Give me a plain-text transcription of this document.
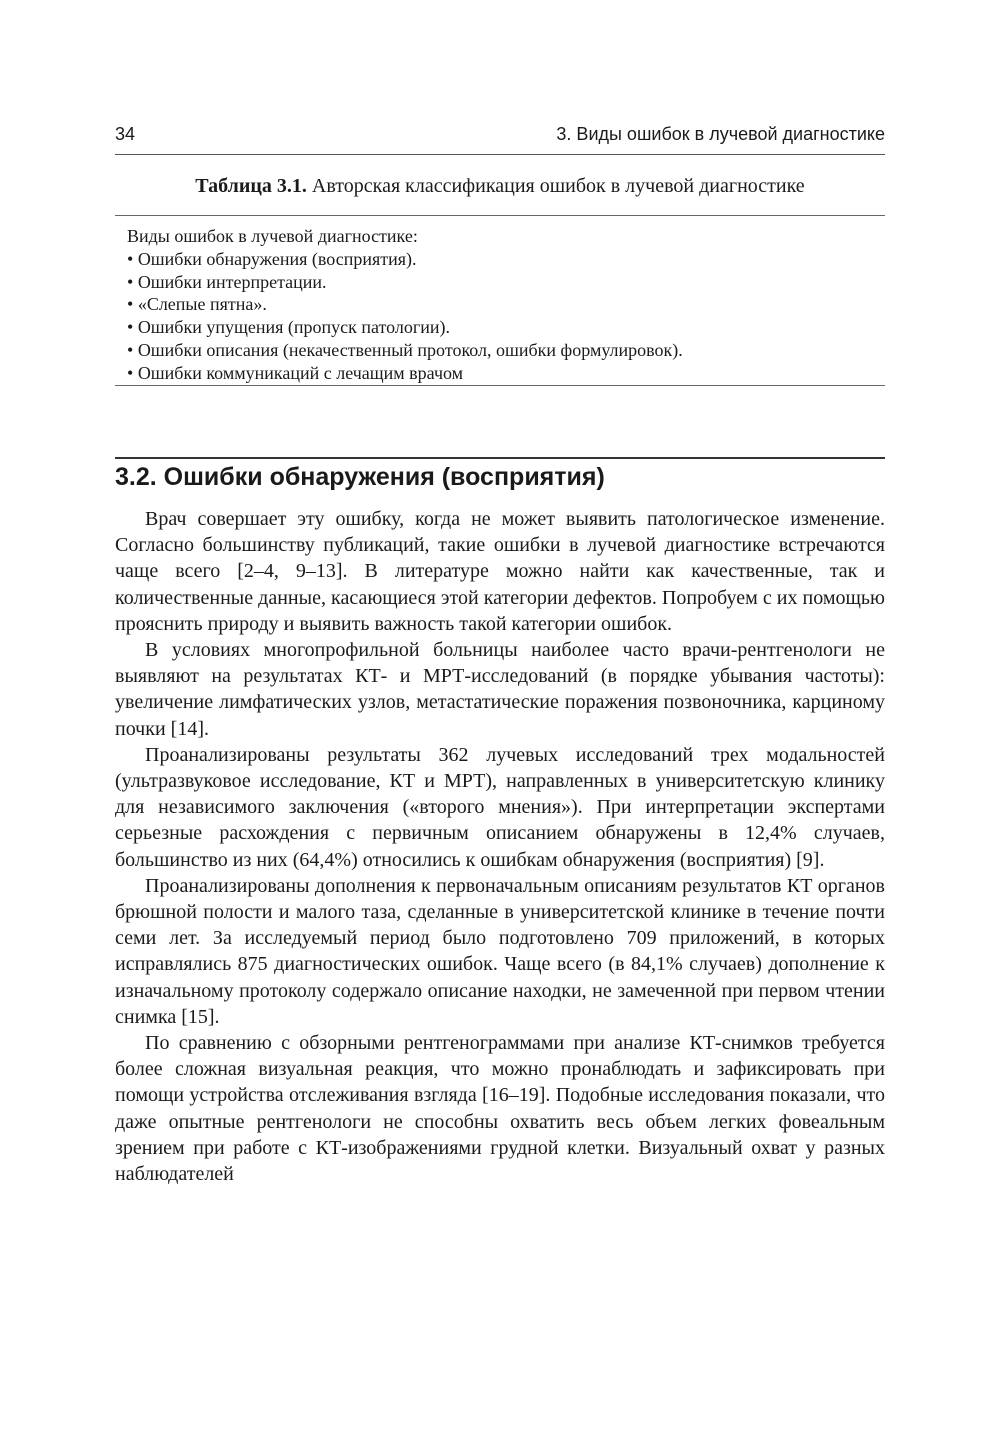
34	3. Виды ошибок в лучевой диагностике
Таблица 3.1. Авторская классификация ошибок в лучевой диагностике
Виды ошибок в лучевой диагностике:
• Ошибки обнаружения (восприятия).
• Ошибки интерпретации.
• «Слепые пятна».
• Ошибки упущения (пропуск патологии).
• Ошибки описания (некачественный протокол, ошибки формулировок).
• Ошибки коммуникаций с лечащим врачом
3.2. Ошибки обнаружения (восприятия)

Врач совершает эту ошибку, когда не может выявить патологическое изменение. Согласно большинству публикаций, такие ошибки в лучевой диагностике встречаются чаще всего [2–4, 9–13]. В литературе можно найти как качественные, так и количественные данные, касающиеся этой категории дефектов. Попробуем с их помощью прояснить природу и выявить важность такой категории ошибок.

В условиях многопрофильной больницы наиболее часто врачи-рентгенологи не выявляют на результатах КТ- и МРТ-исследований (в порядке убывания частоты): увеличение лимфатических узлов, метастатические поражения позвоночника, карциному почки [14].

Проанализированы результаты 362 лучевых исследований трех модальностей (ультразвуковое исследование, КТ и МРТ), направленных в университетскую клинику для независимого заключения («второго мнения»). При интерпретации экспертами серьезные расхождения с первичным описанием обнаружены в 12,4% случаев, большинство из них (64,4%) относились к ошибкам обнаружения (восприятия) [9].

Проанализированы дополнения к первоначальным описаниям результатов КТ органов брюшной полости и малого таза, сделанные в университетской клинике в течение почти семи лет. За исследуемый период было подготовлено 709 приложений, в которых исправлялись 875 диагностических ошибок. Чаще всего (в 84,1% случаев) дополнение к изначальному протоколу содержало описание находки, не замеченной при первом чтении снимка [15].

По сравнению с обзорными рентгенограммами при анализе КТ-снимков требуется более сложная визуальная реакция, что можно пронаблюдать и зафиксировать при помощи устройства отслеживания взгляда [16–19]. Подобные исследования показали, что даже опытные рентгенологи не способны охватить весь объем легких фовеальным зрением при работе с КТ-изображениями грудной клетки. Визуальный охват у разных наблюдателей
